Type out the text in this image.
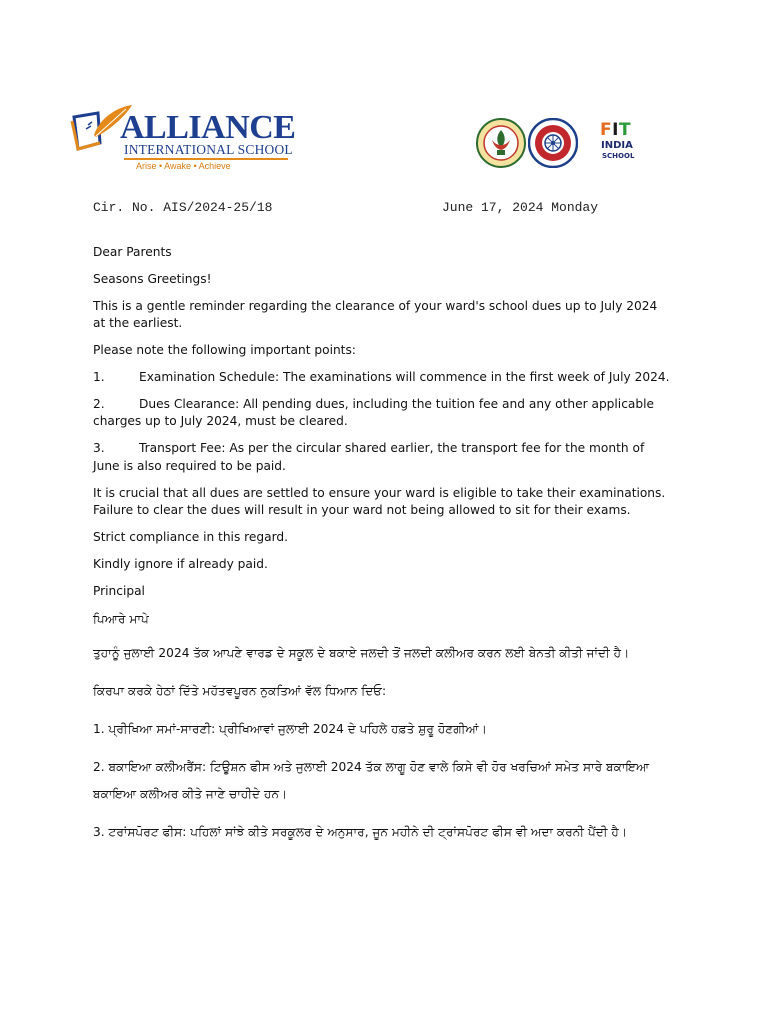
ALLIANCE
INTERNATIONAL SCHOOL
Arise • Awake • Achieve
FIT
INDIA
SCHOOL
Cir. No. AIS/2024-25/18	June 17, 2024 Monday

Dear Parents

Seasons Greetings!

This is a gentle reminder regarding the clearance of your ward's school dues up to July 2024 at the earliest.

Please note the following important points:

1.	Examination Schedule: The examinations will commence in the first week of July 2024.

2.	Dues Clearance: All pending dues, including the tuition fee and any other applicable charges up to July 2024, must be cleared.

3.	Transport Fee: As per the circular shared earlier, the transport fee for the month of June is also required to be paid.

It is crucial that all dues are settled to ensure your ward is eligible to take their examinations. Failure to clear the dues will result in your ward not being allowed to sit for their exams.

Strict compliance in this regard.

Kindly ignore if already paid.

Principal

ਪਿਆਰੇ ਮਾਪੇ

ਤੁਹਾਨੂੰ ਜੁਲਾਈ 2024 ਤੱਕ ਆਪਣੇ ਵਾਰਡ ਦੇ ਸਕੂਲ ਦੇ ਬਕਾਏ ਜਲਦੀ ਤੋਂ ਜਲਦੀ ਕਲੀਅਰ ਕਰਨ ਲਈ ਬੇਨਤੀ ਕੀਤੀ ਜਾਂਦੀ ਹੈ।

ਕਿਰਪਾ ਕਰਕੇ ਹੇਠਾਂ ਦਿੱਤੇ ਮਹੱਤਵਪੂਰਨ ਨੁਕਤਿਆਂ ਵੱਲ ਧਿਆਨ ਦਿਓ:

1. ਪ੍ਰੀਖਿਆ ਸਮਾਂ-ਸਾਰਣੀ: ਪ੍ਰੀਖਿਆਵਾਂ ਜੁਲਾਈ 2024 ਦੇ ਪਹਿਲੇ ਹਫ਼ਤੇ ਸ਼ੁਰੂ ਹੋਣਗੀਆਂ।

2. ਬਕਾਇਆ ਕਲੀਅਰੈਂਸ: ਟਿਊਸ਼ਨ ਫੀਸ ਅਤੇ ਜੁਲਾਈ 2024 ਤੱਕ ਲਾਗੂ ਹੋਣ ਵਾਲੇ ਕਿਸੇ ਵੀ ਹੋਰ ਖਰਚਿਆਂ ਸਮੇਤ ਸਾਰੇ ਬਕਾਇਆ ਬਕਾਇਆ ਕਲੀਅਰ ਕੀਤੇ ਜਾਣੇ ਚਾਹੀਦੇ ਹਨ।

3. ਟਰਾਂਸਪੋਰਟ ਫੀਸ: ਪਹਿਲਾਂ ਸਾਂਝੇ ਕੀਤੇ ਸਰਕੂਲਰ ਦੇ ਅਨੁਸਾਰ, ਜੂਨ ਮਹੀਨੇ ਦੀ ਟ੍ਰਾਂਸਪੋਰਟ ਫੀਸ ਵੀ ਅਦਾ ਕਰਨੀ ਪੈਂਦੀ ਹੈ।
